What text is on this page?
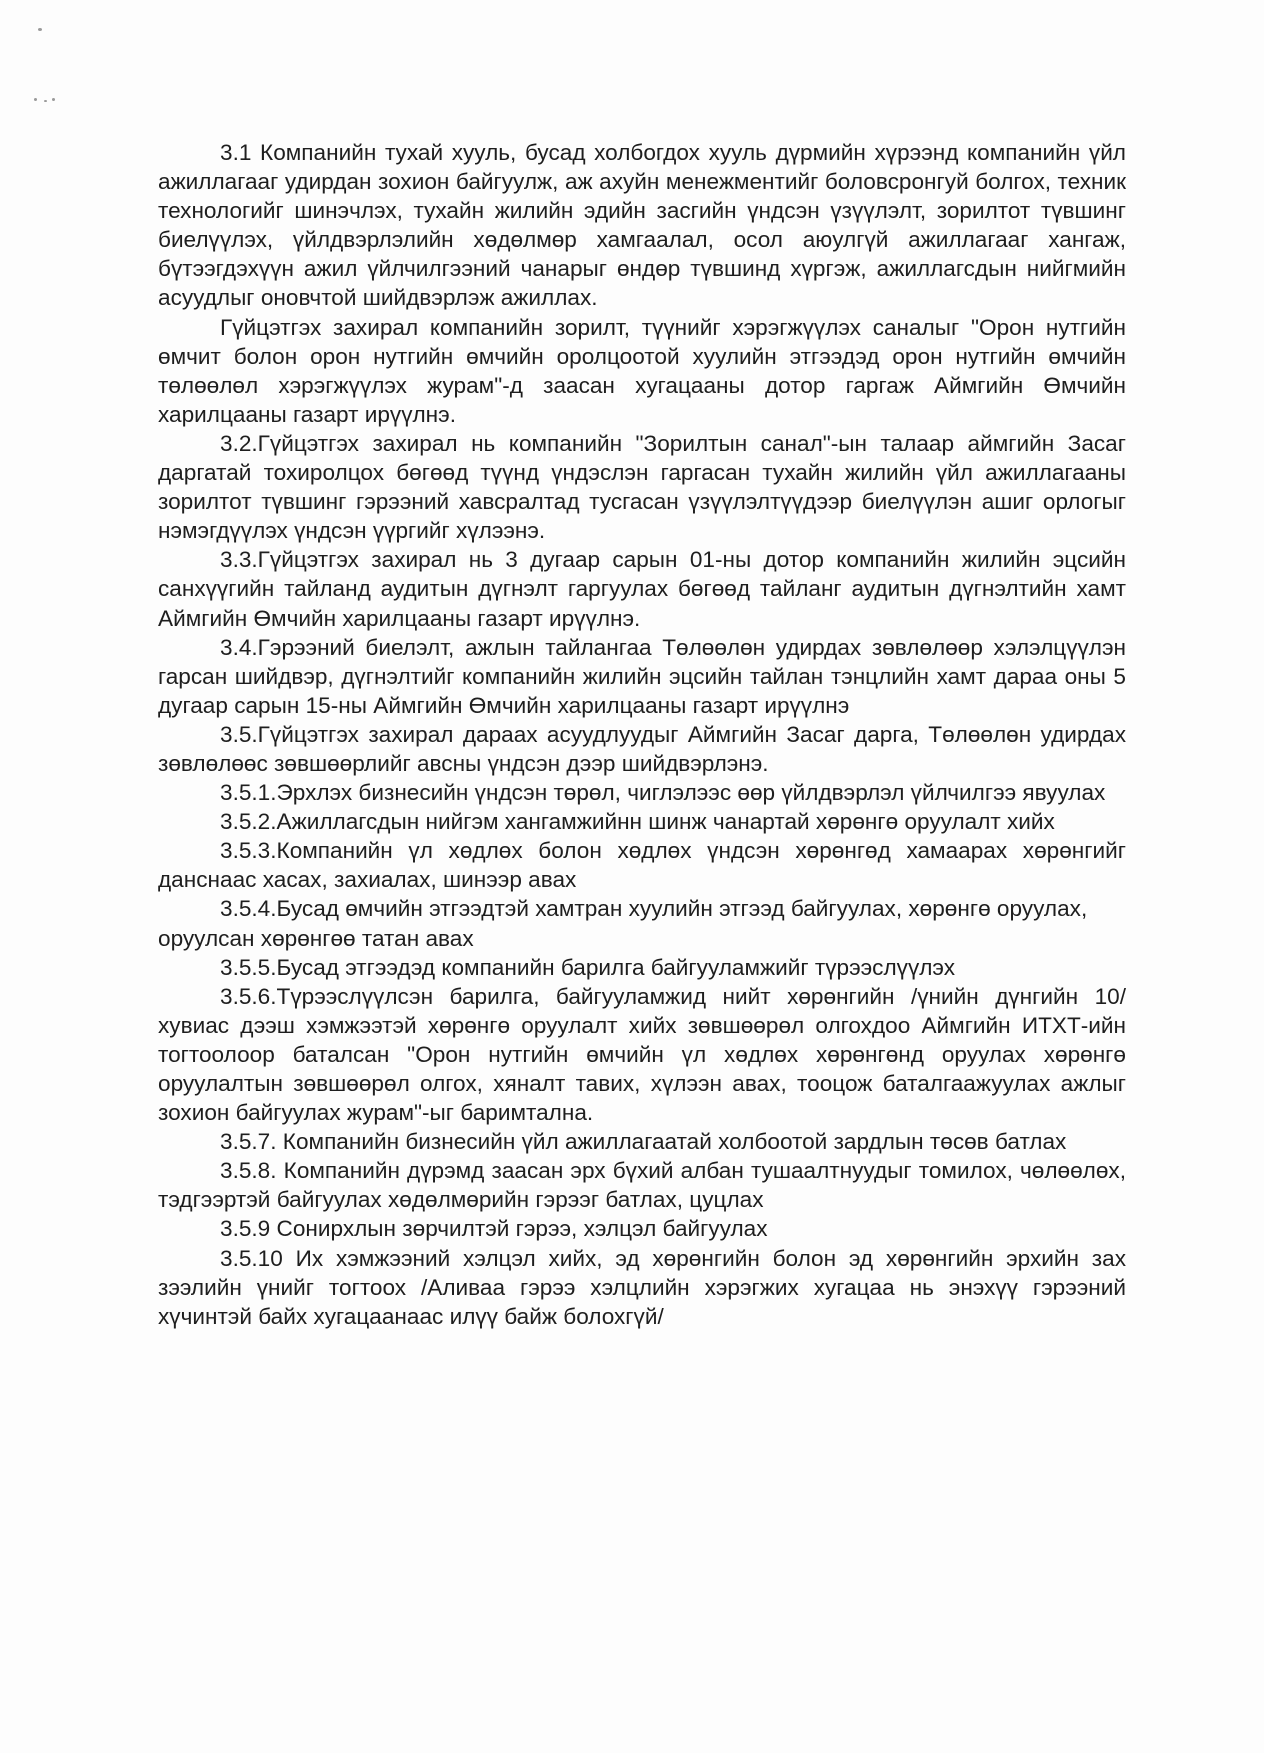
3.1 Компанийн тухай хууль, бусад холбогдох хууль дүрмийн хүрээнд компанийн үйл ажиллагааг удирдан зохион байгуулж, аж ахуйн менежментийг боловсронгуй болгох, техник технологийг шинэчлэх, тухайн жилийн эдийн засгийн үндсэн үзүүлэлт, зорилтот түвшинг биелүүлэх, үйлдвэрлэлийн хөдөлмөр хамгаалал, осол аюулгүй ажиллагааг хангаж, бүтээгдэхүүн ажил үйлчилгээний чанарыг өндөр түвшинд хүргэж, ажиллагсдын нийгмийн асуудлыг оновчтой шийдвэрлэж ажиллах.

Гүйцэтгэх захирал компанийн зорилт, түүнийг хэрэгжүүлэх саналыг "Орон нутгийн өмчит болон орон нутгийн өмчийн оролцоотой хуулийн этгээдэд орон нутгийн өмчийн төлөөлөл хэрэгжүүлэх журам"-д заасан хугацааны дотор гаргаж Аймгийн Өмчийн харилцааны газарт ирүүлнэ.

3.2.Гүйцэтгэх захирал нь компанийн "Зорилтын санал"-ын талаар аймгийн Засаг даргатай тохиролцох бөгөөд түүнд үндэслэн гаргасан тухайн жилийн үйл ажиллагааны зорилтот түвшинг гэрээний хавсралтад тусгасан үзүүлэлтүүдээр биелүүлэн ашиг орлогыг нэмэгдүүлэх үндсэн үүргийг хүлээнэ.

3.3.Гүйцэтгэх захирал нь 3 дугаар сарын 01-ны дотор компанийн жилийн эцсийн санхүүгийн тайланд аудитын дүгнэлт гаргуулах бөгөөд тайланг аудитын дүгнэлтийн хамт Аймгийн Өмчийн харилцааны газарт ирүүлнэ.

3.4.Гэрээний биелэлт, ажлын тайлангаа Төлөөлөн удирдах зөвлөлөөр хэлэлцүүлэн гарсан шийдвэр, дүгнэлтийг компанийн жилийн эцсийн тайлан тэнцлийн хамт дараа оны 5 дугаар сарын 15-ны Аймгийн Өмчийн харилцааны газарт ирүүлнэ

3.5.Гүйцэтгэх захирал дараах асуудлуудыг Аймгийн Засаг дарга, Төлөөлөн удирдах зөвлөлөөс зөвшөөрлийг авсны үндсэн дээр шийдвэрлэнэ.

3.5.1.Эрхлэх бизнесийн үндсэн төрөл, чиглэлээс өөр үйлдвэрлэл үйлчилгээ явуулах

3.5.2.Ажиллагсдын нийгэм хангамжийнн шинж чанартай хөрөнгө оруулалт хийх

3.5.3.Компанийн үл хөдлөх болон хөдлөх үндсэн хөрөнгөд хамаарах хөрөнгийг данснаас хасах, захиалах, шинээр авах

3.5.4.Бусад өмчийн этгээдтэй хамтран хуулийн этгээд байгуулах, хөрөнгө оруулах, оруулсан хөрөнгөө татан авах

3.5.5.Бусад этгээдэд компанийн барилга байгууламжийг түрээслүүлэх

3.5.6.Түрээслүүлсэн барилга, байгууламжид нийт хөрөнгийн /үнийн дүнгийн 10/ хувиас дээш хэмжээтэй хөрөнгө оруулалт хийх зөвшөөрөл олгохдоо Аймгийн ИТХТ-ийн тогтоолоор баталсан "Орон нутгийн өмчийн үл хөдлөх хөрөнгөнд оруулах хөрөнгө оруулалтын зөвшөөрөл олгох, хяналт тавих, хүлээн авах, тооцож баталгаажуулах ажлыг зохион байгуулах журам"-ыг баримтална.

3.5.7. Компанийн бизнесийн үйл ажиллагаатай холбоотой зардлын төсөв батлах

3.5.8. Компанийн дүрэмд заасан эрх бүхий албан тушаалтнуудыг томилох, чөлөөлөх, тэдгээртэй байгуулах хөдөлмөрийн гэрээг батлах, цуцлах

3.5.9 Сонирхлын зөрчилтэй гэрээ, хэлцэл байгуулах

3.5.10 Их хэмжээний хэлцэл хийх, эд хөрөнгийн болон эд хөрөнгийн эрхийн зах зээлийн үнийг тогтоох /Аливаа гэрээ хэлцлийн хэрэгжих хугацаа нь энэхүү гэрээний хүчинтэй байх хугацаанаас илүү байж болохгүй/
